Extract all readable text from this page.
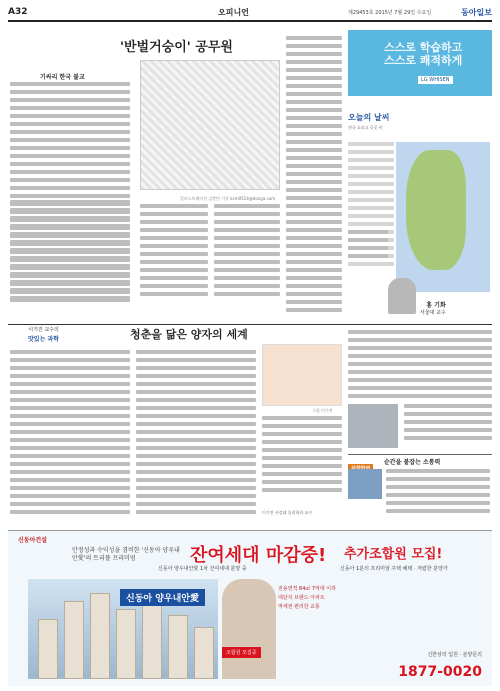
A32	오피니언	제29453호 2015년 7월 29일 수요일	동아일보
'반벌거숭이' 공무원
기싸리 한국 불교
일러스트레이션 김충민 기자 kcm0514@donga.com
스스로 학습하고
스스로 쾌적하게
LG WHISEN
오늘의 날씨
전국 흐리고 곳곳 비
홍 기화
서울대 교수
이기진 교수의
맛있는 과학	청춘을 닮은 양자의 세계
그림 이기진
이기진 서강대 물리학과 교수
순간을 붙잡는 소통력
신동아건설
안정성과 수익성을 겸비한 '신동아 양우내안愛'의 트리플 프리미엄	잔여세대 마감중!
신동아 양우내안愛 1차 잔여세대 분양 중
추가조합원 모집!
신동아 1분의 프리미엄 주택 혜택 · 저렴한 분양가
신동아 양우내안愛
조합원 모집중
전용면적 84㎡ 7억대 이하
대단지 브랜드 아파트
역세권 편리한 교통
신한상의 입원 · 분양문의
1877-0020
